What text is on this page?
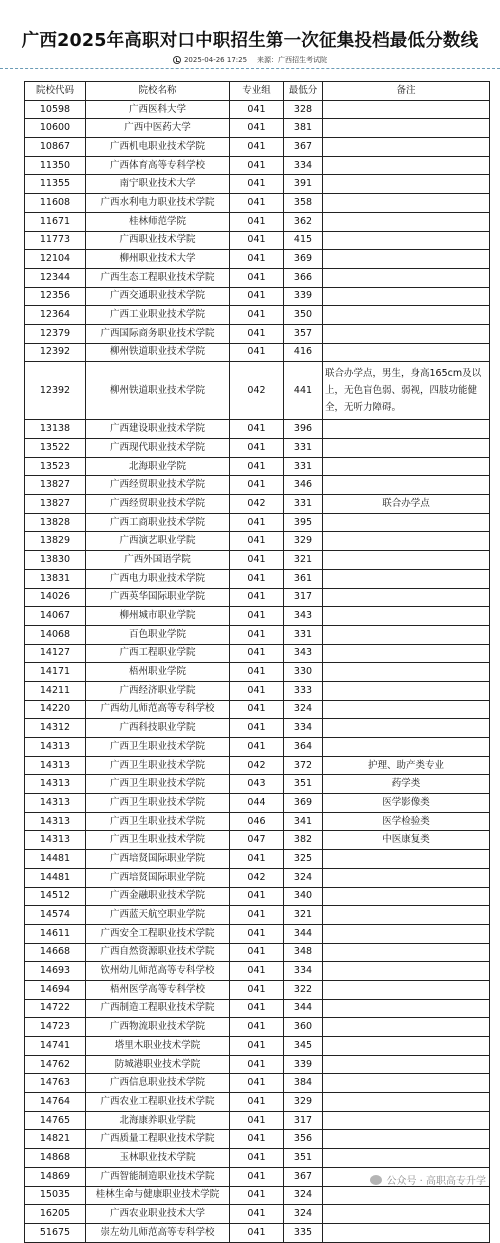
广西2025年高职对口中职招生第一次征集投档最低分数线
2025-04-26 17:25 来源：广西招生考试院
院校代码	院校名称	专业组	最低分	备注
10598	广西医科大学	041	328	
10600	广西中医药大学	041	381	
10867	广西机电职业技术学院	041	367	
11350	广西体育高等专科学校	041	334	
11355	南宁职业技术大学	041	391	
11608	广西水利电力职业技术学院	041	358	
11671	桂林师范学院	041	362	
11773	广西职业技术学院	041	415	
12104	柳州职业技术大学	041	369	
12344	广西生态工程职业技术学院	041	366	
12356	广西交通职业技术学院	041	339	
12364	广西工业职业技术学院	041	350	
12379	广西国际商务职业技术学院	041	357	
12392	柳州铁道职业技术学院	041	416	
12392	柳州铁道职业技术学院	042	441	联合办学点，男生，身高165cm及以上，无色盲色弱、弱视，四肢功能健全，无听力障碍。
13138	广西建设职业技术学院	041	396	
13522	广西现代职业技术学院	041	331	
13523	北海职业学院	041	331	
13827	广西经贸职业技术学院	041	346	
13827	广西经贸职业技术学院	042	331	联合办学点
13828	广西工商职业技术学院	041	395	
13829	广西演艺职业学院	041	329	
13830	广西外国语学院	041	321	
13831	广西电力职业技术学院	041	361	
14026	广西英华国际职业学院	041	317	
14067	柳州城市职业学院	041	343	
14068	百色职业学院	041	331	
14127	广西工程职业学院	041	343	
14171	梧州职业学院	041	330	
14211	广西经济职业学院	041	333	
14220	广西幼儿师范高等专科学校	041	324	
14312	广西科技职业学院	041	334	
14313	广西卫生职业技术学院	041	364	
14313	广西卫生职业技术学院	042	372	护理、助产类专业
14313	广西卫生职业技术学院	043	351	药学类
14313	广西卫生职业技术学院	044	369	医学影像类
14313	广西卫生职业技术学院	046	341	医学检验类
14313	广西卫生职业技术学院	047	382	中医康复类
14481	广西培贤国际职业学院	041	325	
14481	广西培贤国际职业学院	042	324	
14512	广西金融职业技术学院	041	340	
14574	广西蓝天航空职业学院	041	321	
14611	广西安全工程职业技术学院	041	344	
14668	广西自然资源职业技术学院	041	348	
14693	钦州幼儿师范高等专科学校	041	334	
14694	梧州医学高等专科学校	041	322	
14722	广西制造工程职业技术学院	041	344	
14723	广西物流职业技术学院	041	360	
14741	塔里木职业技术学院	041	345	
14762	防城港职业技术学院	041	339	
14763	广西信息职业技术学院	041	384	
14764	广西农业工程职业技术学院	041	329	
14765	北海康养职业学院	041	317	
14821	广西质量工程职业技术学院	041	356	
14868	玉林职业技术学院	041	351	
14869	广西智能制造职业技术学院	041	367	
15035	桂林生命与健康职业技术学院	041	324	
16205	广西农业职业技术大学	041	324	
51675	崇左幼儿师范高等专科学校	041	335	
公众号 · 高职高专升学
